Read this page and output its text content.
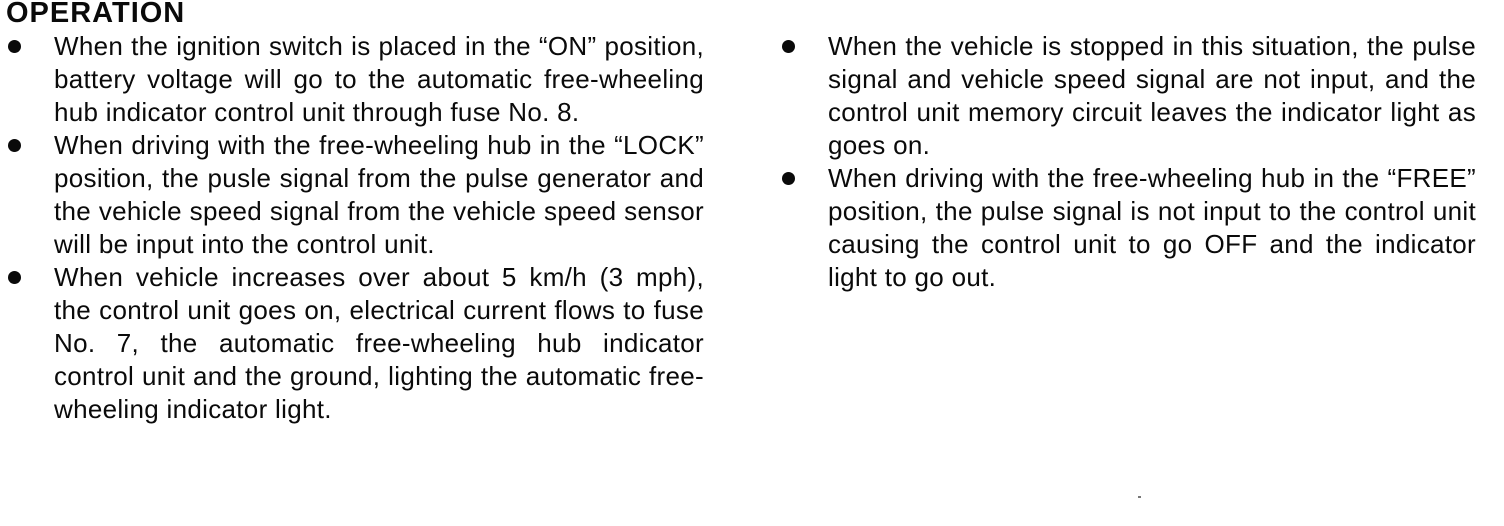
OPERATION
When the ignition switch is placed in the “ON” position, battery voltage will go to the automatic free-wheeling hub indicator control unit through fuse No. 8.
When driving with the free-wheeling hub in the “LOCK” position, the pusle signal from the pulse generator and the vehicle speed signal from the vehicle speed sensor will be input into the control unit.
When vehicle increases over about 5 km/h (3 mph), the control unit goes on, electrical current flows to fuse No. 7, the automatic free-wheeling hub indicator control unit and the ground, lighting the automatic free-wheeling indicator light.
When the vehicle is stopped in this situation, the pulse signal and vehicle speed signal are not input, and the control unit memory circuit leaves the indicator light as goes on.
When driving with the free-wheeling hub in the “FREE” position, the pulse signal is not input to the control unit causing the control unit to go OFF and the indicator light to go out.
